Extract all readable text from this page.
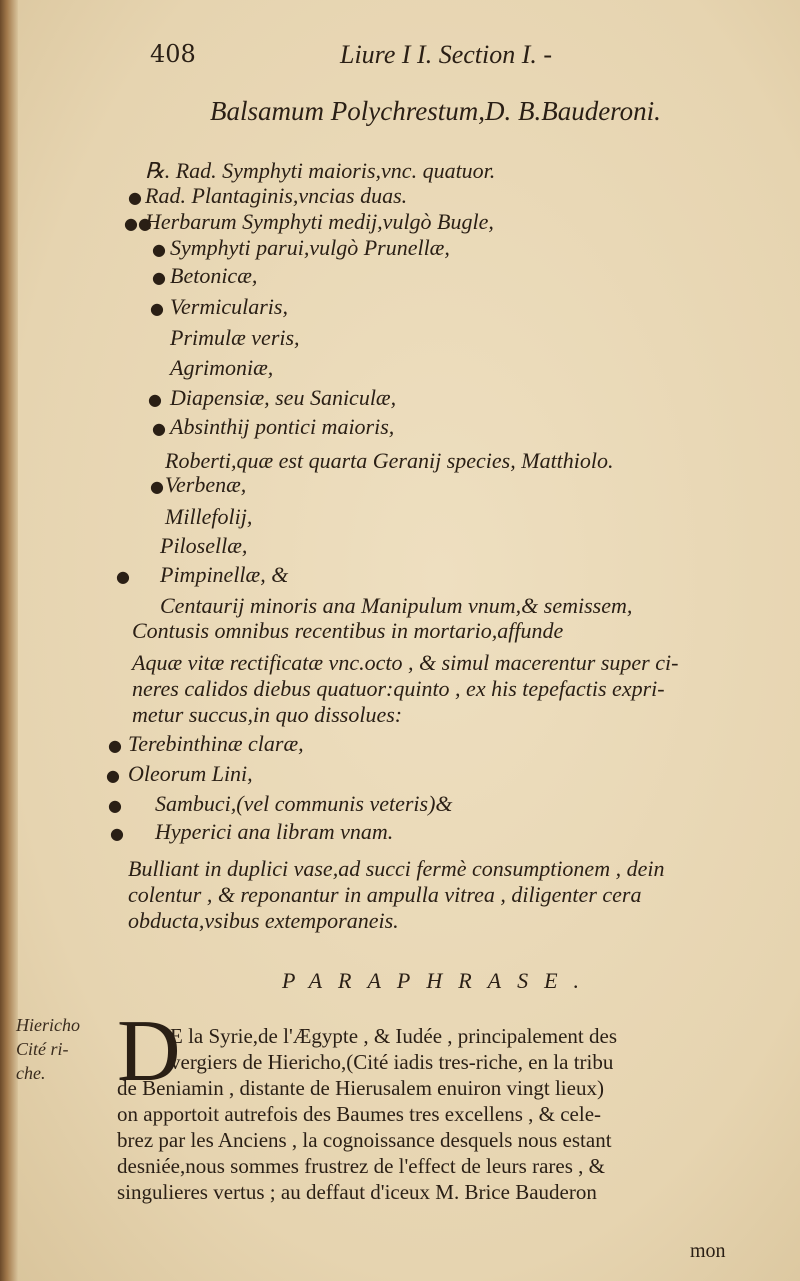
408	Liure I I. Section I. -
Balsamum Polychrestum,D. B.Bauderoni.
℞. Rad. Symphyti maioris,vnc. quatuor.
● Rad. Plantaginis,vncias duas.
●●
Herbarum Symphyti medij,vulgò Bugle,
● Symphyti parui,vulgò Prunellæ,
● Betonicæ,
● Vermicularis,
Primulæ veris,
Agrimoniæ,
● Diapensiæ, seu Saniculæ,
● Absinthij pontici maioris,
Roberti,quæ est quarta Geranij species, Matthiolo.
● Verbenæ,
Millefolij,
Pilosellæ,
● Pimpinellæ, &
Centaurij minoris ana Manipulum vnum,& semissem,
Contusis omnibus recentibus in mortario,affunde
Aquæ vitæ rectificatæ vnc.octo , & simul macerentur super ci-
neres calidos diebus quatuor:quinto , ex his tepefactis expri-
metur succus,in quo dissolues:
● Terebinthinæ claræ,
● Oleorum Lini,
● Sambuci,(vel communis veteris)&
● Hyperici ana libram vnam.
Bulliant in duplici vase,ad succi fermè consumptionem , dein
colentur , & reponantur in ampulla vitrea , diligenter cera
obducta,vsibus extemporaneis.
PARAPHRASE.
Hiericho
Cité ri-
che. D
E la Syrie,de l'Ægypte , & Iudée , principalement des
vergiers de Hiericho,(Cité iadis tres-riche, en la tribu
de Beniamin , distante de Hierusalem enuiron vingt lieux)
on apportoit autrefois des Baumes tres excellens , & cele-
brez par les Anciens , la cognoissance desquels nous estant
desniée,nous sommes frustrez de l'effect de leurs rares , &
singulieres vertus ; au deffaut d'iceux M. Brice Bauderon
mon
